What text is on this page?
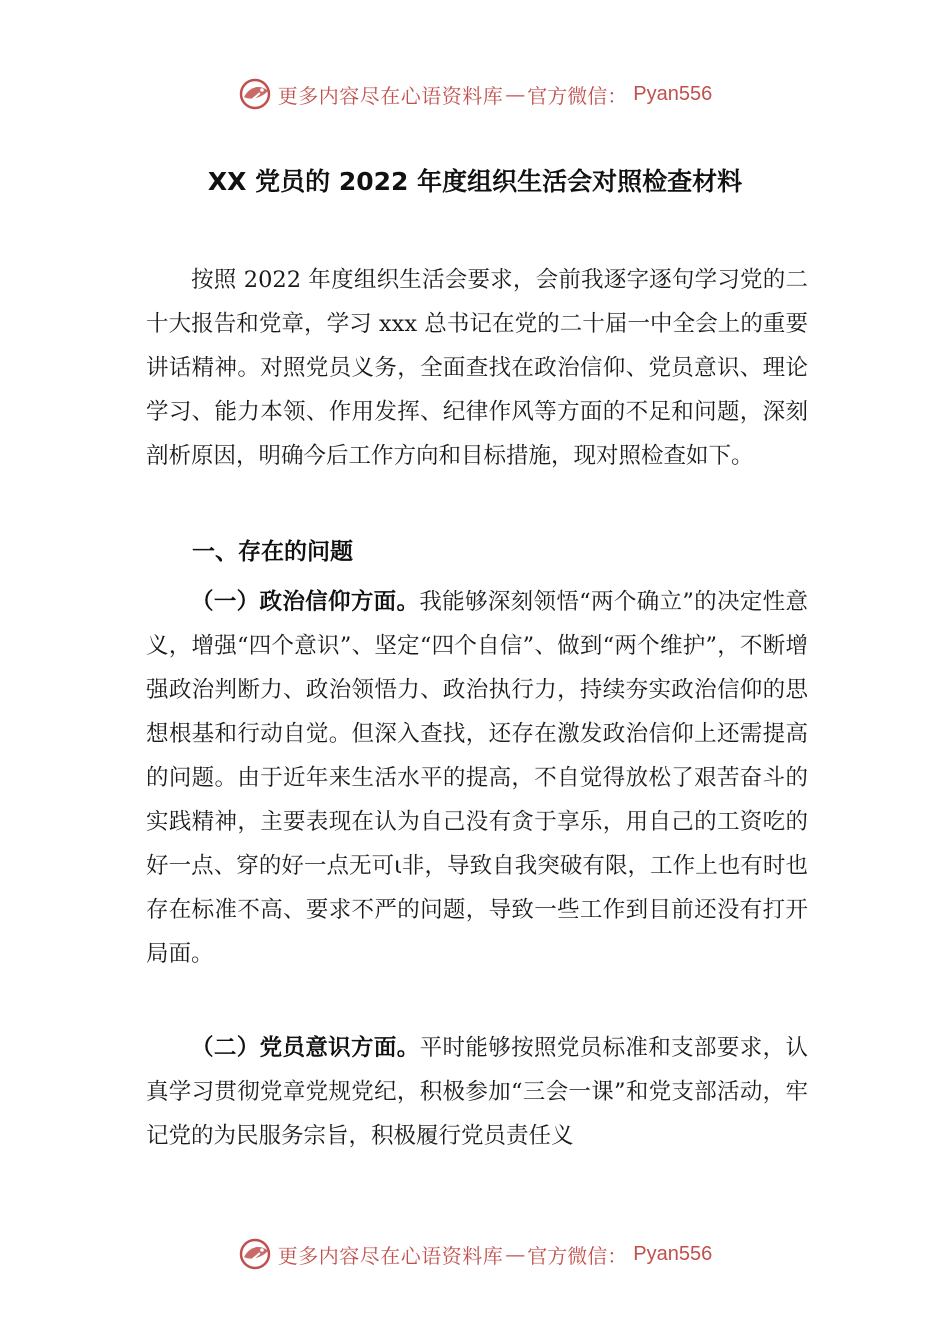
更多内容尽在心语资料库 — 官方微信： Pyan556
XX 党员的 2022 年度组织生活会对照检查材料

按照 2022 年度组织生活会要求，会前我逐字逐句学习党的二十大报告和党章，学习 xxx 总书记在党的二十届一中全会上的重要讲话精神。对照党员义务，全面查找在政治信仰、党员意识、理论学习、能力本领、作用发挥、纪律作风等方面的不足和问题，深刻剖析原因，明确今后工作方向和目标措施，现对照检查如下。

一、存在的问题

（一）政治信仰方面。我能够深刻领悟“两个确立”的决定性意义，增强“四个意识”、坚定“四个自信”、做到“两个维护”，不断增强政治判断力、政治领悟力、政治执行力，持续夯实政治信仰的思想根基和行动自觉。但深入查找，还存在激发政治信仰上还需提高的问题。由于近年来生活水平的提高，不自觉得放松了艰苦奋斗的实践精神，主要表现在认为自己没有贪于享乐，用自己的工资吃的好一点、穿的好一点无可⍳非，导致自我突破有限，工作上也有时也存在标准不高、要求不严的问题，导致一些工作到目前还没有打开局面。

（二）党员意识方面。平时能够按照党员标准和支部要求，认真学习贯彻党章党规党纪，积极参加“三会一课”和党支部活动，牢记党的为民服务宗旨，积极履行党员责任义

更多内容尽在心语资料库 — 官方微信： Pyan556
